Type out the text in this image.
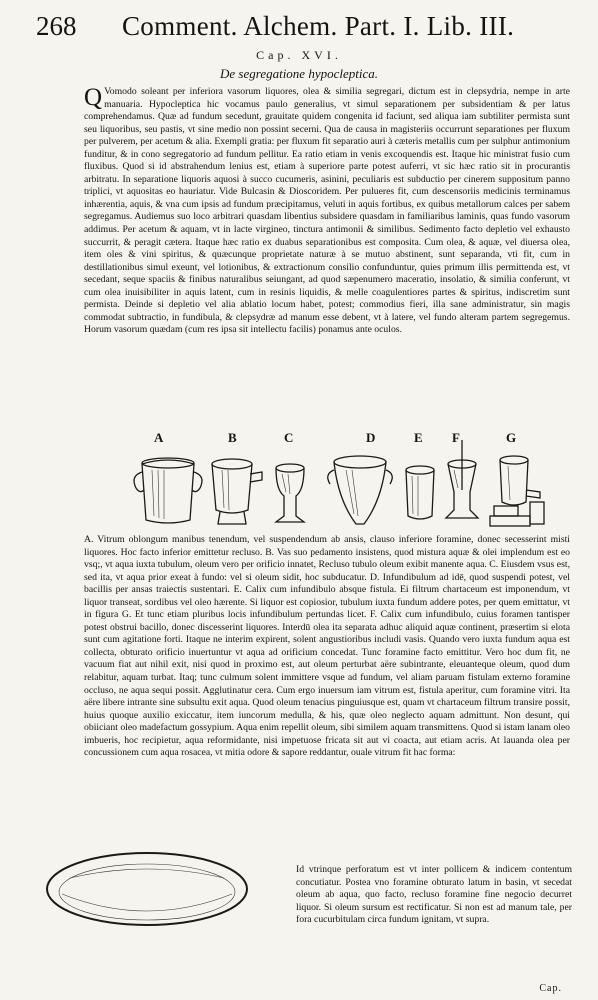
268 Comment. Alchem. Part. I. Lib. III.
Cap. XVI.
De segregatione hypocleptica.
Q Vomodo soleant per inferiora vasorum liquores, olea & similia segregari, dictum est in clepsydria, nempe in arte manuaria. Hypocleptica hic vocamus paulo generalius, vt simul separationem per subsidentiam & per latus comprehendamus. Quæ ad fundum secedunt, grauitate quidem congenita id faciunt, sed aliqua iam subtiliter permista sunt seu liquoribus, seu pastis, vt sine medio non possint secerni. Qua de causa in magisteriis occurrunt separationes per fluxum per pulverem, per acetum & alia. Exempli gratia: per fluxum fit separatio auri à cæteris metallis cum per sulphur antimonium funditur, & in cono segregatorio ad fundum pellitur. Ea ratio etiam in venis excoquendis est. Itaque hic ministrat fusio cum fluxibus. Quod si id abstrahendum lenius est, etiam à superiore parte potest auferri, vt sic hæc ratio sit in procurantis arbitratu. In separatione liquoris aquosi à succo cucumeris, asinini, peculiaris est subductio per cinerem suppositum panno triplici, vt aquositas eo hauriatur. Vide Bulcasin & Dioscoridem. Per pulueres fit, cum descensoriis medicinis terminamus inhærentia, aquis, & vna cum ipsis ad fundum præcipitamus, veluti in aquis fortibus, ex quibus metallorum calces per sabem segregamus. Audiemus suo loco arbitrari quasdam libentius subsidere quasdam in familiaribus laminis, quas fundo vasorum addimus. Per acetum & aquam, vt in lacte virgineo, tinctura antimonii & similibus. Sedimento facto depletio vel exhausto succurrit, & peragit cætera. Itaque hæc ratio ex duabus separationibus est composita. Cum olea, & aquæ, vel diuersa olea, item oles & vini spiritus, & quæcunque proprietate naturæ à se mutuo abstinent, sunt separanda, vti fit, cum in destillationibus simul exeunt, vel lotionibus, & extractionum consilio confunduntur, quies primum illis permittenda est, vt secedant, seque spaciis & finibus naturalibus seiungant, ad quod sæpenumero maceratio, insolatio, & similia conferunt, vt cum olea inuisibiliter in aquis latent, cum in resinis liquidis, & melle coagulentiores partes & spiritus, indiscretim sunt permista. Deinde si depletio vel alia ablatio locum habet, potest; commodius fieri, illa sane administratur, sin magis commodat subtractio, in fundibula, & clepsydræ ad manum esse debent, vt à latere, vel fundo alteram partem segregemus. Horum vasorum quædam (cum res ipsa sit intellectu facilis) ponamus ante oculos.
A	B	C	D	E F	G
A. Vitrum oblongum manibus tenendum, vel suspendendum ab ansis, clauso inferiore foramine, donec secesserint misti liquores. Hoc facto inferior emittetur recluso. B. Vas suo pedamento insistens, quod mistura aquæ & olei implendum est eo vsq;, vt aqua iuxta tubulum, oleum vero per orificio innatet, Recluso tubulo oleum exibit manente aqua. C. Eiusdem vsus est, sed ita, vt aqua prior exeat à fundo: vel si oleum sidit, hoc subducatur. D. Infundibulum ad idē, quod suspendi potest, vel bacillis per ansas traiectis sustentari. E. Calix cum infundibulo absque fistula. Ei filtrum chartaceum est imponendum, vt liquor transeat, sordibus vel oleo hærente. Si liquor est copiosior, tubulum iuxta fundum addere potes, per quem emittatur, vt in figura G. Et tunc etiam pluribus locis infundibulum pertundas licet. F. Calix cum infundibulo, cuius foramen tantisper potest obstrui bacillo, donec discesserint liquores. Interdū olea ita separata adhuc aliquid aquæ continent, præsertim si elota sunt cum agitatione forti. Itaque ne interim expirent, solent angustioribus includi vasis. Quando vero iuxta fundum aqua est collecta, obturato orificio inuertuntur vt aqua ad orificium concedat. Tunc foramine facto emittitur. Vero hoc dum fit, ne vacuum fiat aut nihil exit, nisi quod in proximo est, aut oleum perturbat aëre subintrante, eleuanteque oleum, quod dum relabitur, aquam turbat. Itaq; tunc culmum solent immittere vsque ad fundum, vel aliam paruam fistulam externo foramine occluso, ne aqua sequi possit. Agglutinatur cera. Cum ergo inuersum iam vitrum est, fistula aperitur, cum foramine vitri. Ita aëre libere intrante sine subsultu exit aqua. Quod oleum tenacius pinguiusque est, quam vt chartaceum filtrum transire possit, huius quoque auxilio exiccatur, item iuncorum medulla, & his, quæ oleo neglecto aquam admittunt. Non desunt, qui obiiciant oleo madefactum gossypium. Aqua enim repellit oleum, sibi similem aquam transmittens. Quod si istam lanam oleo imbueris, hoc recipietur, aqua reformidante, nisi impetuose fricata sit aut vi coacta, aut etiam acris. At lauanda olea per concussionem cum aqua rosacea, vt mitia odore & sapore reddantur, ouale vitrum fit hac forma:
Id vtrinque perforatum est vt inter pollicem & indicem contentum concutiatur. Postea vno foramine obturato latum in basin, vt secedat oleum ab aqua, quo facto, recluso foramine fine negocio decurret liquor. Si oleum sursum est rectificatur. Si non est ad manum tale, per fora cucurbitulam circa fundum ignitam, vt supra.
Cap.
